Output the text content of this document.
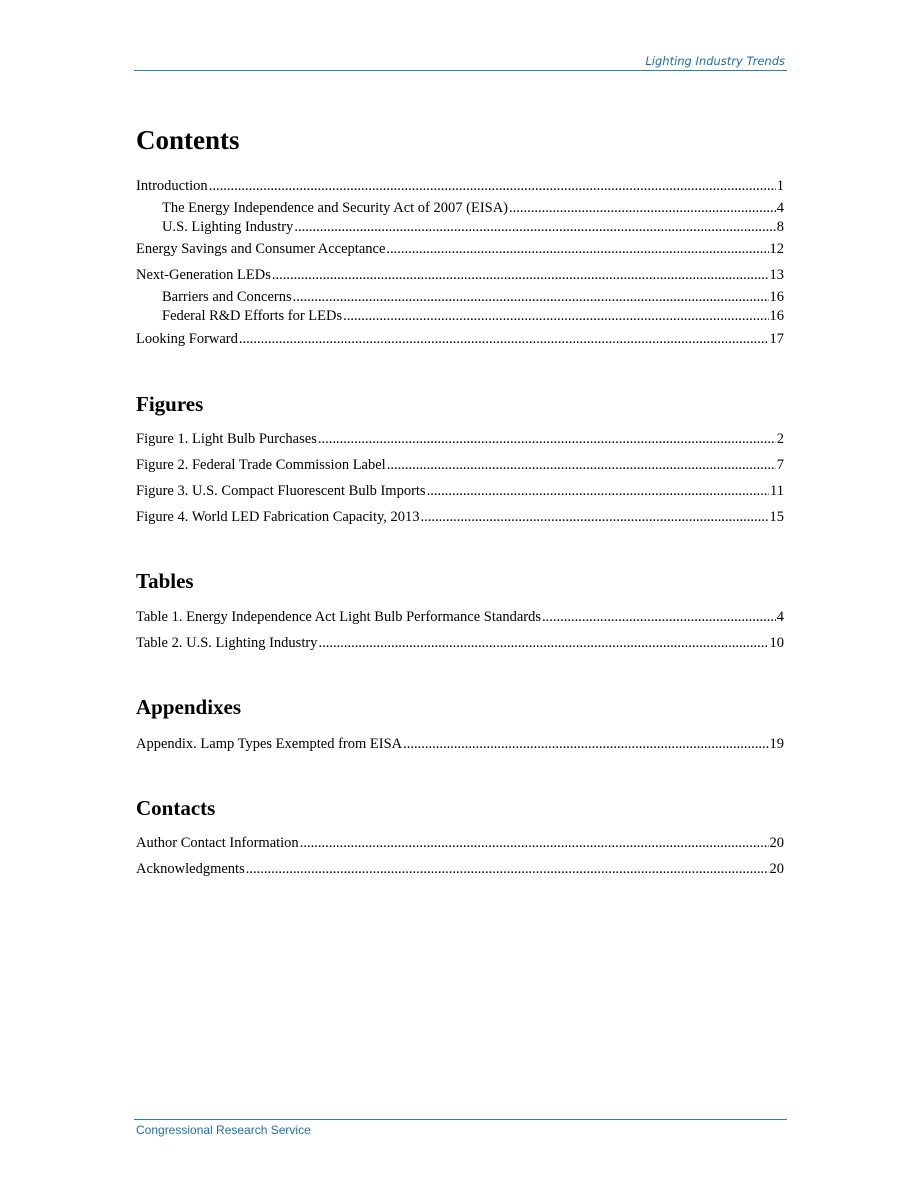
Lighting Industry Trends
Contents
Introduction .....	1
The Energy Independence and Security Act of 2007 (EISA) .....	4
U.S. Lighting Industry .....	8
Energy Savings and Consumer Acceptance .....	12
Next-Generation LEDs .....	13
Barriers and Concerns .....	16
Federal R&D Efforts for LEDs .....	16
Looking Forward .....	17
Figures
Figure 1. Light Bulb Purchases .....	2
Figure 2. Federal Trade Commission Label .....	7
Figure 3. U.S. Compact Fluorescent Bulb Imports .....	11
Figure 4. World LED Fabrication Capacity, 2013 .....	15
Tables
Table 1. Energy Independence Act Light Bulb Performance Standards .....	4
Table 2. U.S. Lighting Industry .....	10
Appendixes
Appendix. Lamp Types Exempted from EISA .....	19
Contacts
Author Contact Information .....	20
Acknowledgments .....	20
Congressional Research Service
